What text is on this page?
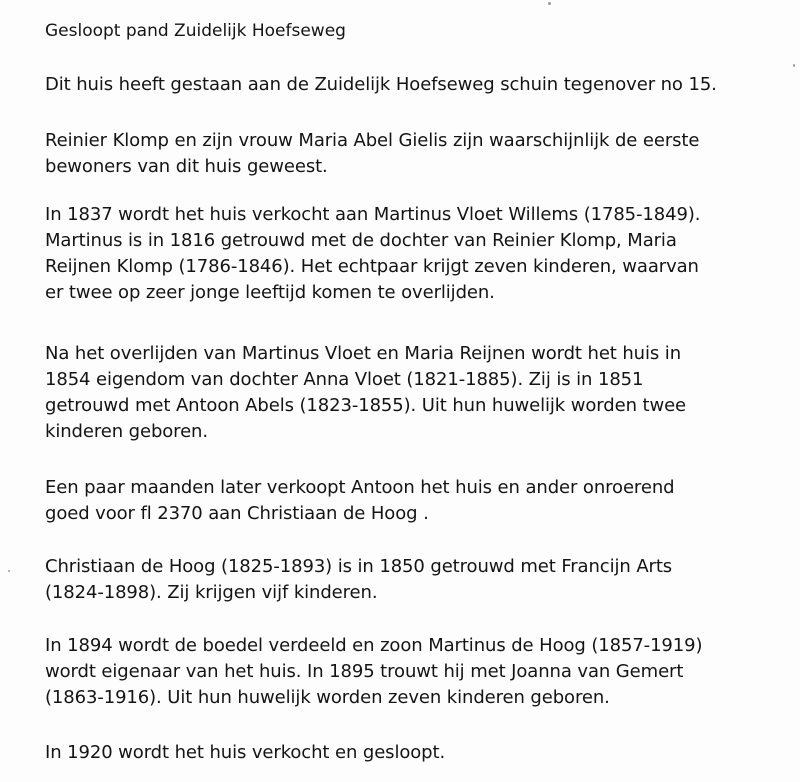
Gesloopt pand Zuidelijk Hoefseweg
Dit huis heeft gestaan aan de Zuidelijk Hoefseweg schuin tegenover no 15.
Reinier Klomp en zijn vrouw Maria Abel Gielis zijn waarschijnlijk de eerste
bewoners van dit huis geweest.
In 1837 wordt het huis verkocht aan Martinus Vloet Willems (1785-1849).
Martinus is in 1816 getrouwd met de dochter van Reinier Klomp, Maria
Reijnen Klomp (1786-1846). Het echtpaar krijgt zeven kinderen, waarvan
er twee op zeer jonge leeftijd komen te overlijden.
Na het overlijden van Martinus Vloet en Maria Reijnen wordt het huis in
1854 eigendom van dochter Anna Vloet (1821-1885). Zij is in 1851
getrouwd met Antoon Abels (1823-1855). Uit hun huwelijk worden twee
kinderen geboren.
Een paar maanden later verkoopt Antoon het huis en ander onroerend
goed voor fl 2370 aan Christiaan de Hoog .
Christiaan de Hoog (1825-1893) is in 1850 getrouwd met Francijn Arts
(1824-1898). Zij krijgen vijf kinderen.
In 1894 wordt de boedel verdeeld en zoon Martinus de Hoog (1857-1919)
wordt eigenaar van het huis. In 1895 trouwt hij met Joanna van Gemert
(1863-1916). Uit hun huwelijk worden zeven kinderen geboren.
In 1920 wordt het huis verkocht en gesloopt.
